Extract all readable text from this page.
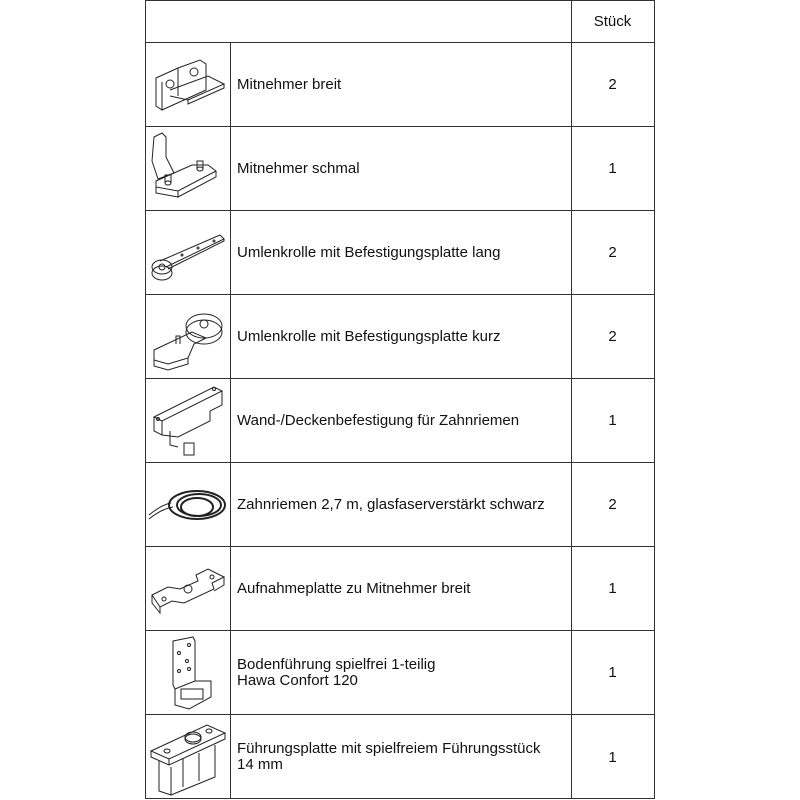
Stück
Mitnehmer breit	2
Mitnehmer schmal	1
Umlenkrolle mit Befestigungsplatte lang	2
Umlenkrolle mit Befestigungsplatte kurz	2
Wand-/Deckenbefestigung für Zahnriemen	1
Zahnriemen 2,7 m, glasfaserverstärkt schwarz	2
Aufnahmeplatte zu Mitnehmer breit	1
Bodenführung spielfrei 1-teilig
Hawa Confort 120	1
Führungsplatte mit spielfreiem Führungsstück
14 mm	1
